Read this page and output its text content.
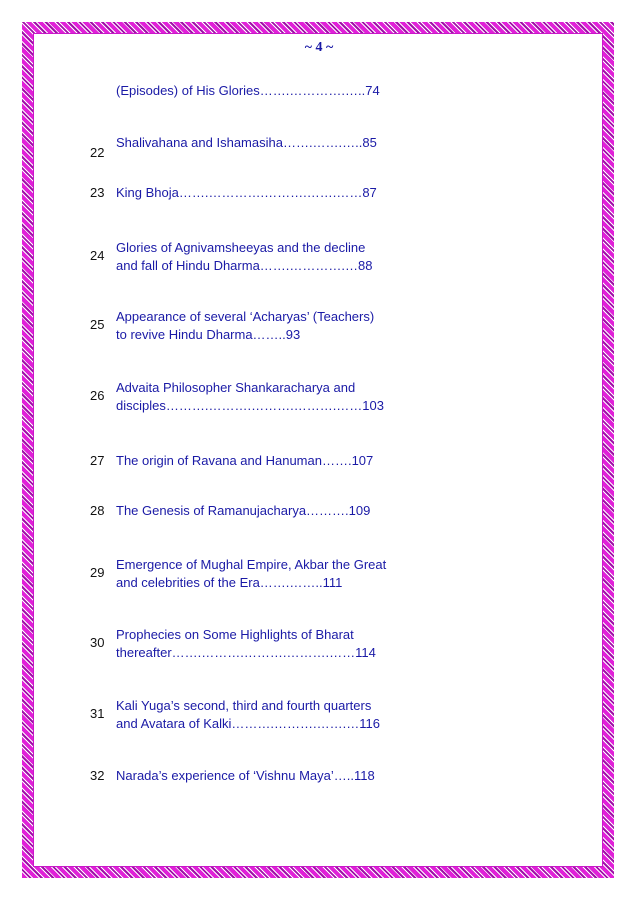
~ 4 ~
(Episodes) of His Glories…….………….…..74
22
Shalivahana and Ishamasiha…….…….…..85
23 King Bhoja…….………….……….…….……87
24
Glories of Agnivamsheeyas and the decline
and fall of Hindu Dharma…….………….…88
25
Appearance of several ‘Acharyas’ (Teachers)
to revive Hindu Dharma……..93
26
Advaita Philosopher Shankaracharya and
disciples……….……….……….……….……103
27 The origin of Ravana and Hanuman…….107
28 The Genesis of Ramanujacharya……….109
29
Emergence of Mughal Empire, Akbar the Great
and celebrities of the Era…….……..111
30
Prophecies on Some Highlights of Bharat
thereafter…….……….……….……….……114
31
Kali Yuga’s second, third and fourth quarters
and Avatara of Kalki……….……….…….…116
32 Narada’s experience of ‘Vishnu Maya’…..118
